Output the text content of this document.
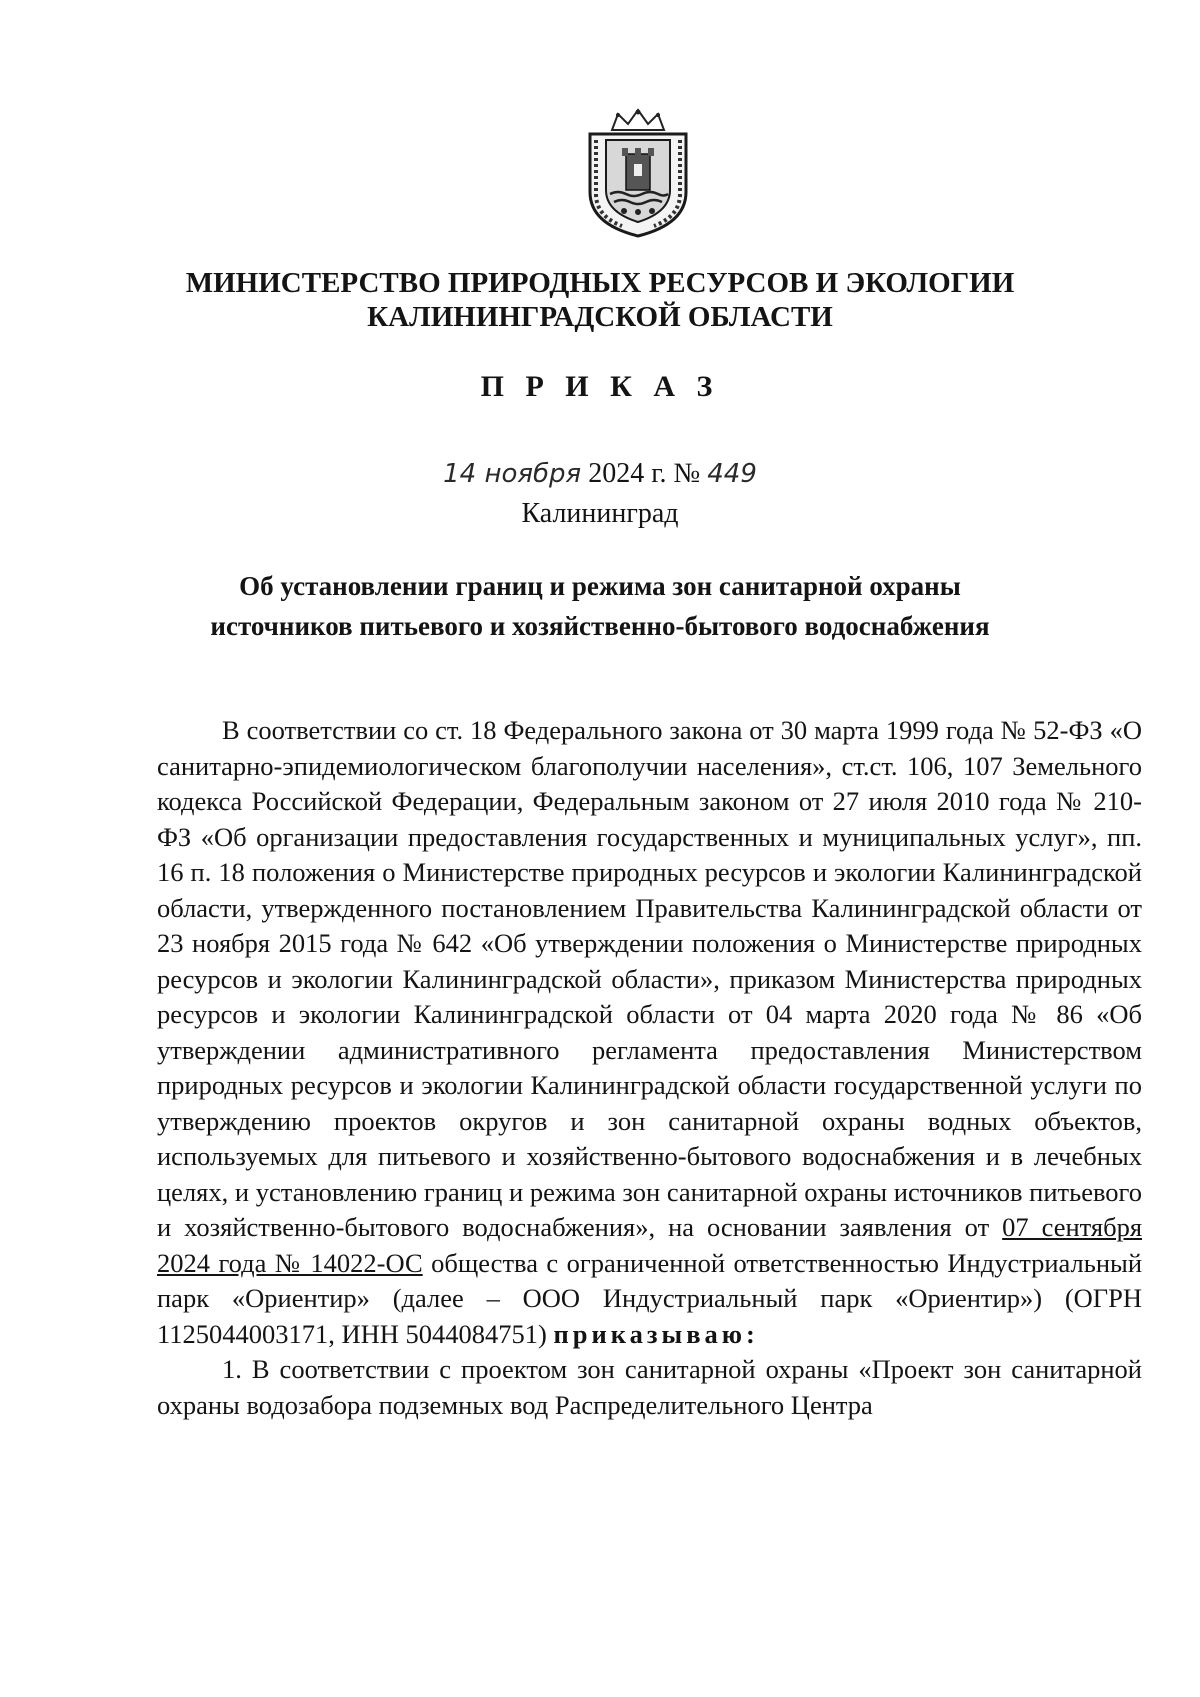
МИНИСТЕРСТВО ПРИРОДНЫХ РЕСУРСОВ И ЭКОЛОГИИ
КАЛИНИНГРАДСКОЙ ОБЛАСТИ
П Р И К А З
14 ноября 2024 г. № 449
Калининград
Об установлении границ и режима зон санитарной охраны источников питьевого и хозяйственно-бытового водоснабжения

В соответствии со ст. 18 Федерального закона от 30 марта 1999 года № 52-ФЗ «О санитарно-эпидемиологическом благополучии населения», ст.ст. 106, 107 Земельного кодекса Российской Федерации, Федеральным законом от 27 июля 2010 года № 210-ФЗ «Об организации предоставления государственных и муниципальных услуг», пп. 16 п. 18 положения о Министерстве природных ресурсов и экологии Калининградской области, утвержденного постановлением Правительства Калининградской области от 23 ноября 2015 года № 642 «Об утверждении положения о Министерстве природных ресурсов и экологии Калининградской области», приказом Министерства природных ресурсов и экологии Калининградской области от 04 марта 2020 года № 86 «Об утверждении административного регламента предоставления Министерством природных ресурсов и экологии Калининградской области государственной услуги по утверждению проектов округов и зон санитарной охраны водных объектов, используемых для питьевого и хозяйственно-бытового водоснабжения и в лечебных целях, и установлению границ и режима зон санитарной охраны источников питьевого и хозяйственно-бытового водоснабжения», на основании заявления от 07 сентября 2024 года № 14022-ОС общества с ограниченной ответственностью Индустриальный парк «Ориентир» (далее – ООО Индустриальный парк «Ориентир») (ОГРН 1125044003171, ИНН 5044084751) приказываю:

1. В соответствии с проектом зон санитарной охраны «Проект зон санитарной охраны водозабора подземных вод Распределительного Центра
